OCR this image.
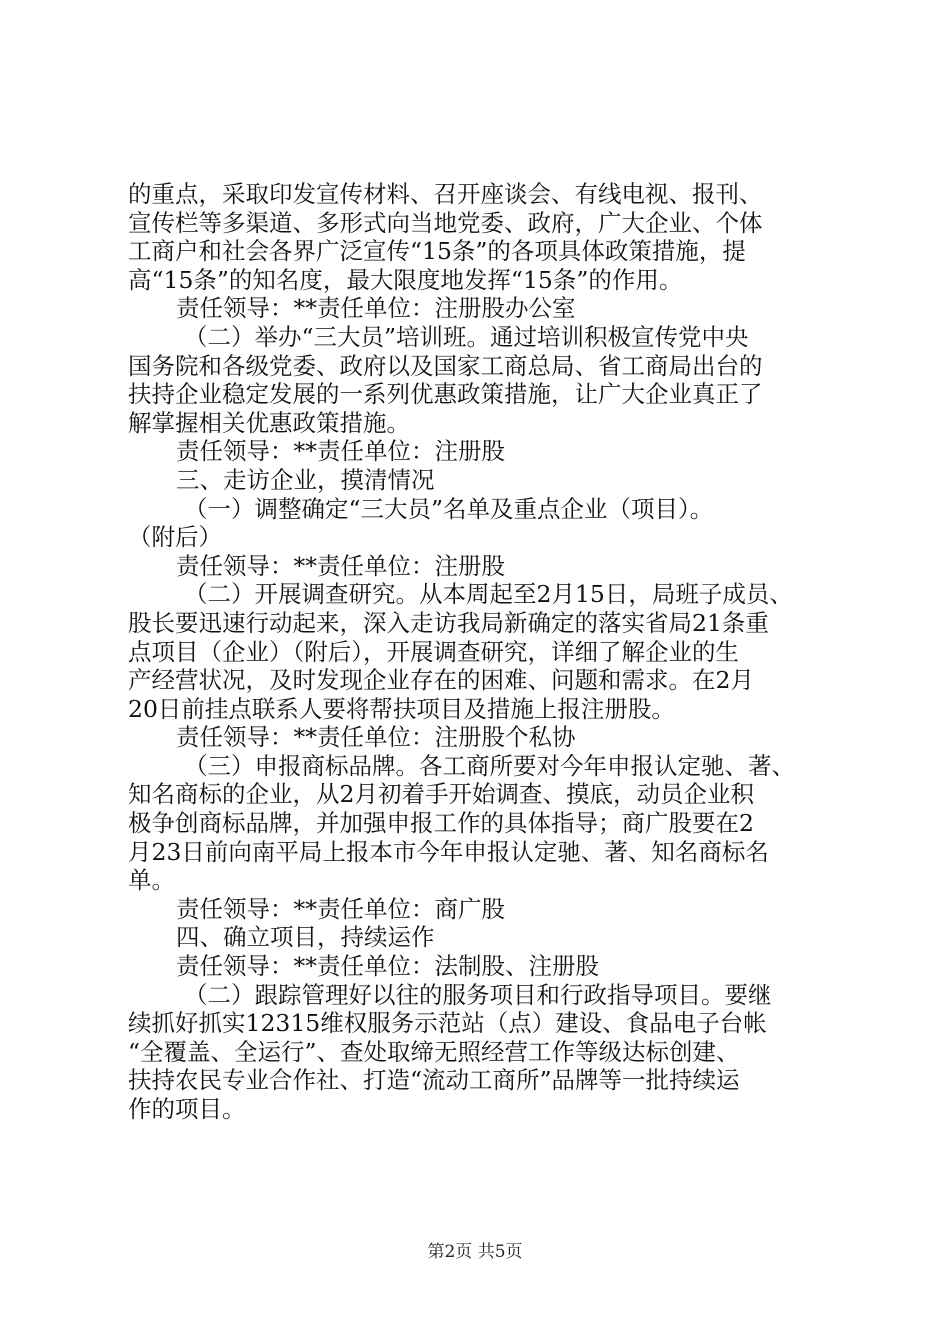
的重点，采取印发宣传材料、召开座谈会、有线电视、报刊、
宣传栏等多渠道、多形式向当地党委、政府，广大企业、个体
工商户和社会各界广泛宣传“15条”的各项具体政策措施，提
高“15条”的知名度，最大限度地发挥“15条”的作用。
责任领导：**责任单位：注册股办公室
（二）举办“三大员”培训班。通过培训积极宣传党中央
国务院和各级党委、政府以及国家工商总局、省工商局出台的
扶持企业稳定发展的一系列优惠政策措施，让广大企业真正了
解掌握相关优惠政策措施。
责任领导：**责任单位：注册股
三、走访企业，摸清情况
（一）调整确定“三大员”名单及重点企业（项目）。
（附后）
责任领导：**责任单位：注册股
（二）开展调查研究。从本周起至2月15日，局班子成员、
股长要迅速行动起来，深入走访我局新确定的落实省局21条重
点项目（企业）（附后），开展调查研究，详细了解企业的生
产经营状况，及时发现企业存在的困难、问题和需求。在2月
20日前挂点联系人要将帮扶项目及措施上报注册股。
责任领导：**责任单位：注册股个私协
（三）申报商标品牌。各工商所要对今年申报认定驰、著、
知名商标的企业，从2月初着手开始调查、摸底，动员企业积
极争创商标品牌，并加强申报工作的具体指导；商广股要在2
月23日前向南平局上报本市今年申报认定驰、著、知名商标名
单。
责任领导：**责任单位：商广股
四、确立项目，持续运作
责任领导：**责任单位：法制股、注册股
（二）跟踪管理好以往的服务项目和行政指导项目。要继
续抓好抓实12315维权服务示范站（点）建设、食品电子台帐
“全覆盖、全运行”、查处取缔无照经营工作等级达标创建、
扶持农民专业合作社、打造“流动工商所”品牌等一批持续运
作的项目。
第2页 共5页
